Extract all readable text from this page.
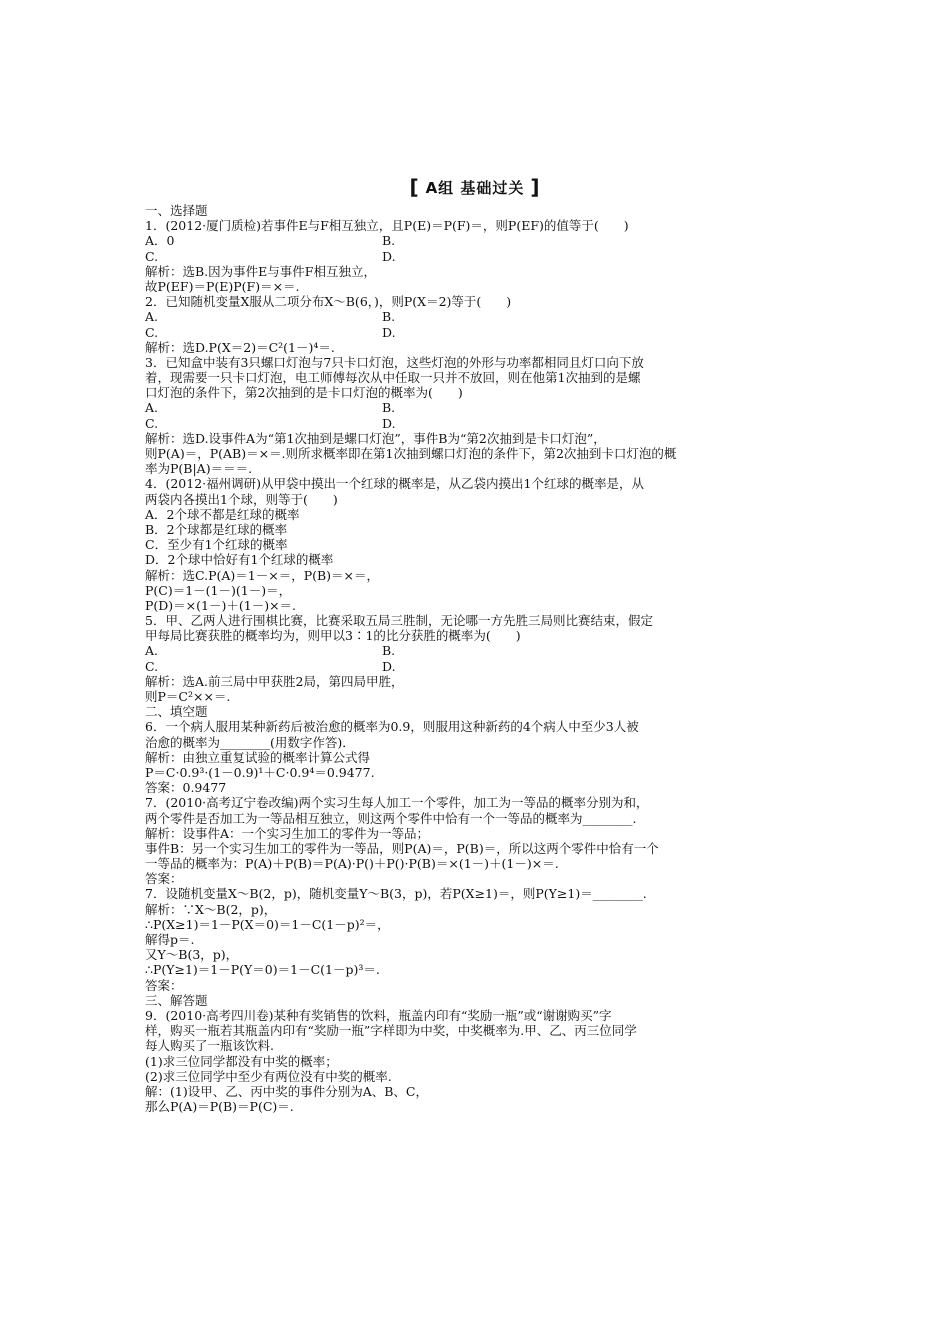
[ A组 基础过关 ]
一、选择题
1．(2012·厦门质检)若事件E与F相互独立，且P(E)＝P(F)＝，则P(EF)的值等于(　　)
A．0	B.
C.	D.
解析：选B.因为事件E与事件F相互独立，
故P(EF)＝P(E)P(F)＝×＝.
2．已知随机变量X服从二项分布X～B(6，)，则P(X＝2)等于(　　)
A.	B.
C.	D.
解析：选D.P(X＝2)＝C²(1－)⁴＝.
3．已知盒中装有3只螺口灯泡与7只卡口灯泡，这些灯泡的外形与功率都相同且灯口向下放
着，现需要一只卡口灯泡，电工师傅每次从中任取一只并不放回，则在他第1次抽到的是螺
口灯泡的条件下，第2次抽到的是卡口灯泡的概率为(　　)
A.	B.
C.	D.
解析：选D.设事件A为“第1次抽到是螺口灯泡”，事件B为“第2次抽到是卡口灯泡”，
则P(A)＝，P(AB)＝×＝.则所求概率即在第1次抽到螺口灯泡的条件下，第2次抽到卡口灯泡的概
率为P(B|A)＝＝＝.
4．(2012·福州调研)从甲袋中摸出一个红球的概率是，从乙袋内摸出1个红球的概率是，从
两袋内各摸出1个球，则等于(　　)
A．2个球不都是红球的概率
B．2个球都是红球的概率
C．至少有1个红球的概率
D．2个球中恰好有1个红球的概率
解析：选C.P(A)＝1－×＝，P(B)＝×＝，
P(C)＝1－(1－)(1－)＝，
P(D)＝×(1－)＋(1－)×＝.
5．甲、乙两人进行围棋比赛，比赛采取五局三胜制，无论哪一方先胜三局则比赛结束，假定
甲每局比赛获胜的概率均为，则甲以3∶1的比分获胜的概率为(　　)
A.	B.
C.	D.
解析：选A.前三局中甲获胜2局，第四局甲胜，
则P＝C²××＝.
二、填空题
6．一个病人服用某种新药后被治愈的概率为0.9，则服用这种新药的4个病人中至少3人被
治愈的概率为________(用数字作答)．
解析：由独立重复试验的概率计算公式得
P＝C·0.9³·(1－0.9)¹＋C·0.9⁴＝0.9477.
答案：0.9477
7．(2010·高考辽宁卷改编)两个实习生每人加工一个零件，加工为一等品的概率分别为和，
两个零件是否加工为一等品相互独立，则这两个零件中恰有一个一等品的概率为________.
解析：设事件A：一个实习生加工的零件为一等品；
事件B：另一个实习生加工的零件为一等品，则P(A)＝，P(B)＝，所以这两个零件中恰有一个
一等品的概率为：P(A)＋P(B)＝P(A)·P()＋P()·P(B)＝×(1－)＋(1－)×＝.
答案：
7．设随机变量X～B(2，p)，随机变量Y～B(3，p)，若P(X≥1)＝，则P(Y≥1)＝________.
解析：∵X～B(2，p)，
∴P(X≥1)＝1－P(X＝0)＝1－C(1－p)²＝，
解得p＝.
又Y～B(3，p)，
∴P(Y≥1)＝1－P(Y＝0)＝1－C(1－p)³＝.
答案：
三、解答题
9．(2010·高考四川卷)某种有奖销售的饮料，瓶盖内印有“奖励一瓶”或“谢谢购买”字
样，购买一瓶若其瓶盖内印有“奖励一瓶”字样即为中奖，中奖概率为.甲、乙、丙三位同学
每人购买了一瓶该饮料.
(1)求三位同学都没有中奖的概率；
(2)求三位同学中至少有两位没有中奖的概率.
解：(1)设甲、乙、丙中奖的事件分别为A、B、C，
那么P(A)＝P(B)＝P(C)＝.
